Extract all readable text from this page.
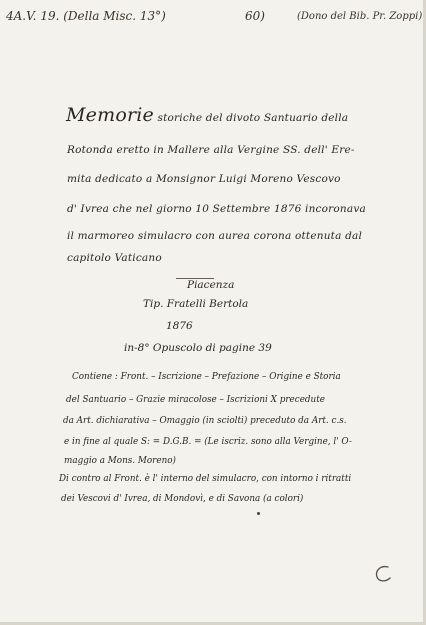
4A.V. 19. (Della Misc. 13°)	60)	(Dono del Bib. Pr. Zoppi)
Memorie storiche del divoto Santuario della
Rotonda eretto in Mallere alla Vergine SS. dell' Ere-
mita dedicato a Monsignor Luigi Moreno Vescovo
d' Ivrea che nel giorno 10 Settembre 1876 incoronava
il marmoreo simulacro con aurea corona ottenuta dal
capitolo Vaticano
Piacenza
Tip. Fratelli Bertola
1876
in-8° Opuscolo di pagine 39
Contiene : Front. – Iscrizione – Prefazione – Origine e Storia
del Santuario – Grazie miracolose – Iscrizioni X precedute
da Art. dichiarativa – Omaggio (in sciolti) preceduto da Art. c.s.
e in fine al quale S: = D.G.B. = (Le iscriz. sono alla Vergine, l' O-
maggio a Mons. Moreno)
Di contro al Front. è l' interno del simulacro, con intorno i ritratti
dei Vescovi d' Ivrea, di Mondovì, e di Savona (a colori)
